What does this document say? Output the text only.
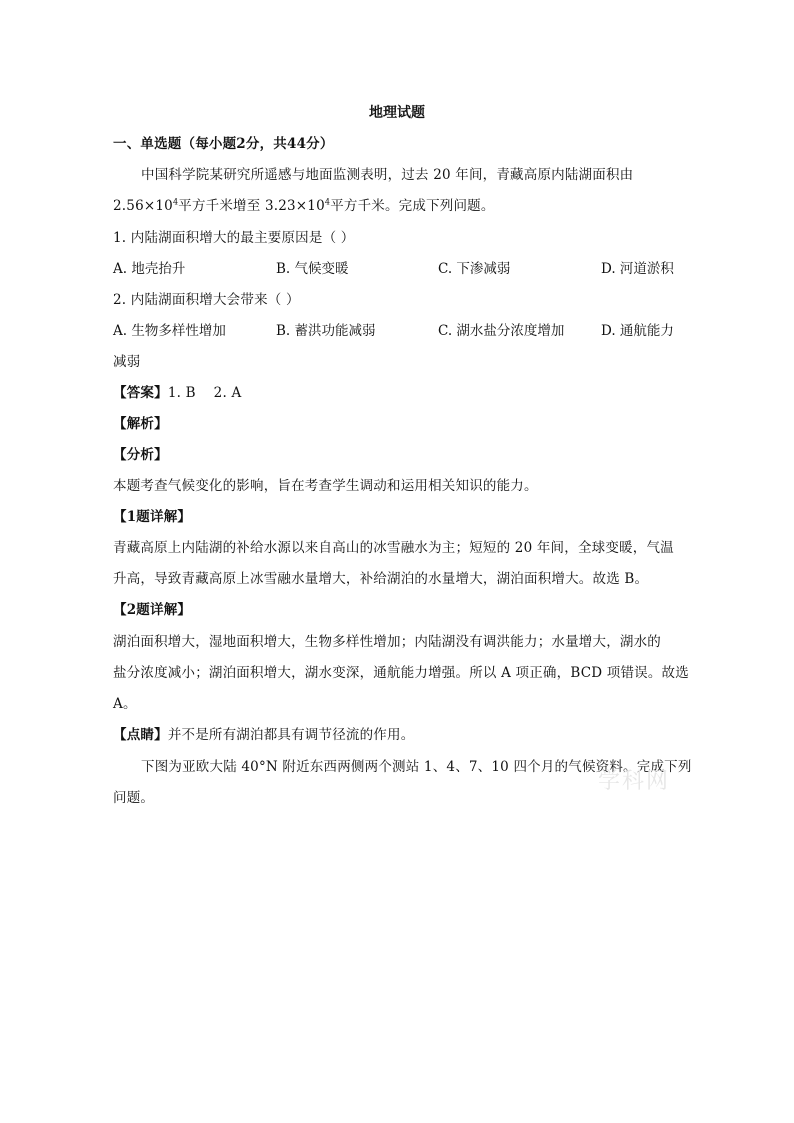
地理试题
一、单选题（每小题2分，共44分）
中国科学院某研究所遥感与地面监测表明，过去 20 年间，青藏高原内陆湖面积由
$2.56\times 10^4$平方千米增至 $3.23\times 10^4$平方千米。完成下列问题。
1. 内陆湖面积增大的最主要原因是（ ）
A. 地壳抬升	B. 气候变暖	C. 下渗减弱	D. 河道淤积
2. 内陆湖面积增大会带来（ ）
A. 生物多样性增加	B. 蓄洪功能减弱	C. 湖水盐分浓度增加	D. 通航能力
减弱
【答案】1. B    2. A
【解析】
【分析】
本题考查气候变化的影响，旨在考查学生调动和运用相关知识的能力。
【1题详解】
青藏高原上内陆湖的补给水源以来自高山的冰雪融水为主；短短的 20 年间，全球变暖，气温
升高，导致青藏高原上冰雪融水量增大，补给湖泊的水量增大，湖泊面积增大。故选 B。
【2题详解】
湖泊面积增大，湿地面积增大，生物多样性增加；内陆湖没有调洪能力；水量增大，湖水的
盐分浓度减小；湖泊面积增大，湖水变深，通航能力增强。所以 A 项正确，BCD 项错误。故选
A。
【点睛】并不是所有湖泊都具有调节径流的作用。
下图为亚欧大陆 40°N 附近东西两侧两个测站 1、4、7、10 四个月的气候资料。完成下列
问题。
学科网
